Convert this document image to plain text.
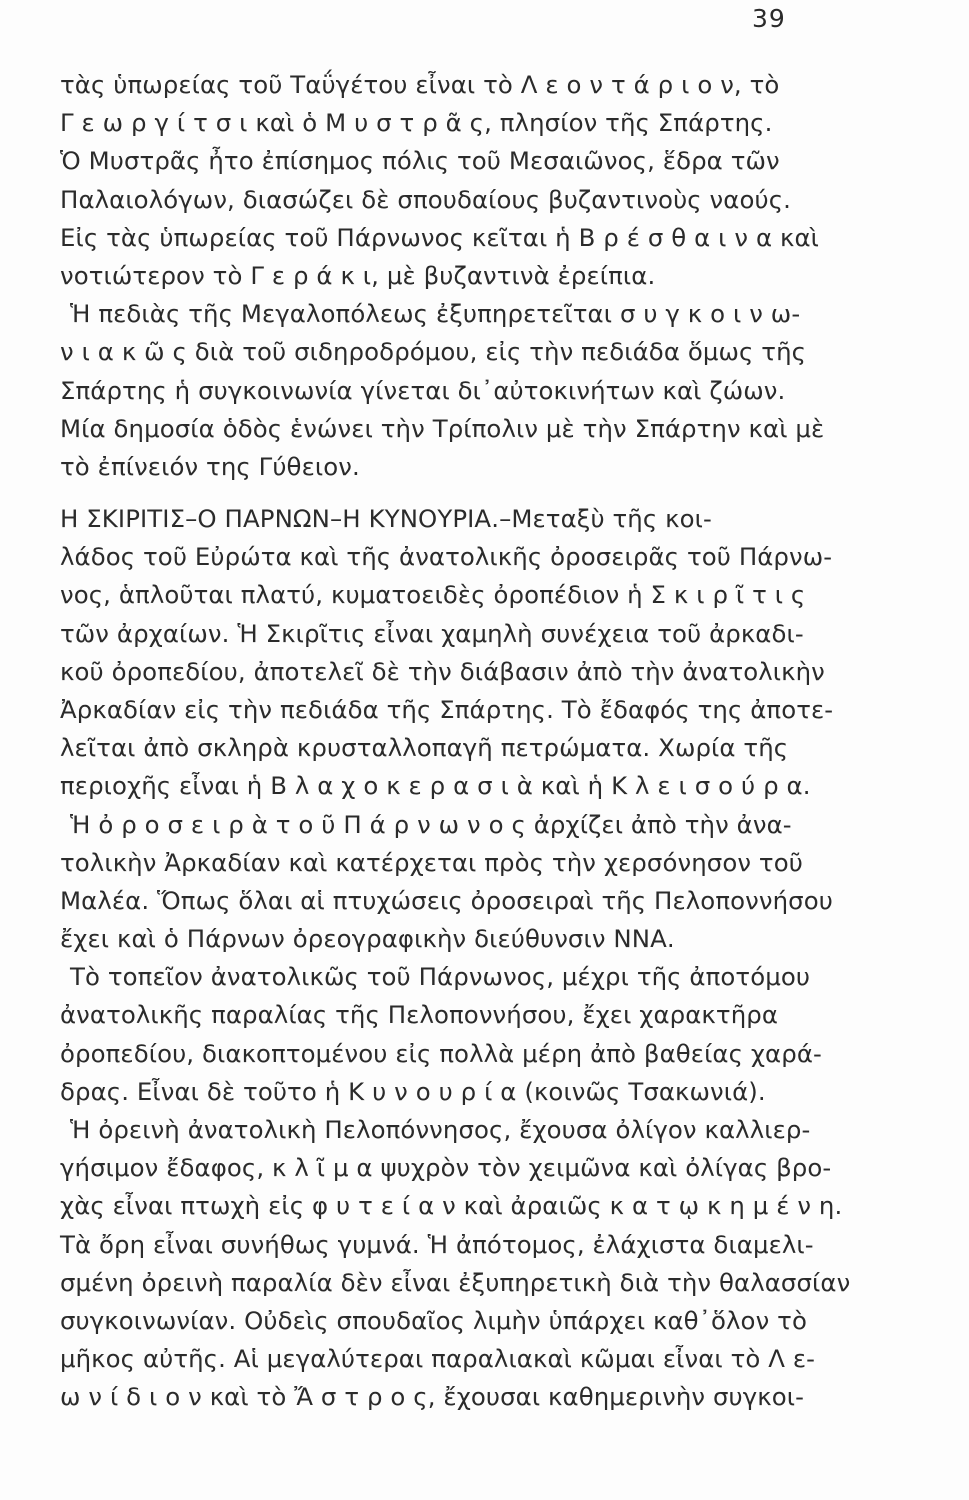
39
τὰς ὑπωρείας τοῦ Ταΰγέτου εἶναι τὸ Λ ε ο ν τ ά ρ ι ο ν, τὸ
Γ ε ω ρ γ ί τ σ ι καὶ ὁ Μ υ σ τ ρ ᾶ ς, πλησίον τῆς Σπάρτης.
Ὁ Μυστρᾶς ἦτο ἐπίσημος πόλις τοῦ Μεσαιῶνος, ἕδρα τῶν
Παλαιολόγων, διασώζει δὲ σπουδαίους βυζαντινοὺς ναούς.
Εἰς τὰς ὑπωρείας τοῦ Πάρνωνος κεῖται ἡ Β ρ έ σ θ α ι ν α καὶ
νοτιώτερον τὸ Γ ε ρ ά κ ι, μὲ βυζαντινὰ ἐρείπια.
Ἡ πεδιὰς τῆς Μεγαλοπόλεως ἐξυπηρετεῖται σ υ γ κ ο ι ν ω-
ν ι α κ ῶ ς διὰ τοῦ σιδηροδρόμου, εἰς τὴν πεδιάδα ὅμως τῆς
Σπάρτης ἡ συγκοινωνία γίνεται δι᾽αὐτοκινήτων καὶ ζώων.
Μία δημοσία ὁδὸς ἑνώνει τὴν Τρίπολιν μὲ τὴν Σπάρτην καὶ μὲ
τὸ ἐπίνειόν της Γύθειον.
Η ΣΚΙΡΙΤΙΣ–Ο ΠΑΡΝΩΝ–Η ΚΥΝΟΥΡΙΑ.–Μεταξὺ τῆς κοι-
λάδος τοῦ Εὐρώτα καὶ τῆς ἀνατολικῆς ὀροσειρᾶς τοῦ Πάρνω-
νος, ἁπλοῦται πλατύ, κυματοειδὲς ὀροπέδιον ἡ Σ κ ι ρ ῖ τ ι ς
τῶν ἀρχαίων. Ἡ Σκιρῖτις εἶναι χαμηλὴ συνέχεια τοῦ ἀρκαδι-
κοῦ ὀροπεδίου, ἀποτελεῖ δὲ τὴν διάβασιν ἀπὸ τὴν ἀνατολικὴν
Ἀρκαδίαν εἰς τὴν πεδιάδα τῆς Σπάρτης. Τὸ ἔδαφός της ἀποτε-
λεῖται ἀπὸ σκληρὰ κρυσταλλοπαγῆ πετρώματα. Χωρία τῆς
περιοχῆς εἶναι ἡ Β λ α χ ο κ ε ρ α σ ι ὰ καὶ ἡ Κ λ ε ι σ ο ύ ρ α.
Ἡ ὀ ρ ο σ ε ι ρ ὰ τ ο ῦ Π ά ρ ν ω ν ο ς ἀρχίζει ἀπὸ τὴν ἀνα-
τολικὴν Ἀρκαδίαν καὶ κατέρχεται πρὸς τὴν χερσόνησον τοῦ
Μαλέα. Ὅπως ὅλαι αἱ πτυχώσεις ὀροσειραὶ τῆς Πελοποννήσου
ἔχει καὶ ὁ Πάρνων ὀρεογραφικὴν διεύθυνσιν ΝΝΑ.
Τὸ τοπεῖον ἀνατολικῶς τοῦ Πάρνωνος, μέχρι τῆς ἀποτόμου
ἀνατολικῆς παραλίας τῆς Πελοποννήσου, ἔχει χαρακτῆρα
ὀροπεδίου, διακοπτομένου εἰς πολλὰ μέρη ἀπὸ βαθείας χαρά-
δρας. Εἶναι δὲ τοῦτο ἡ Κ υ ν ο υ ρ ί α (κοινῶς Τσακωνιά).
Ἡ ὀρεινὴ ἀνατολικὴ Πελοπόννησος, ἔχουσα ὀλίγον καλλιερ-
γήσιμον ἔδαφος, κ λ ῖ μ α ψυχρὸν τὸν χειμῶνα καὶ ὀλίγας βρο-
χὰς εἶναι πτωχὴ εἰς φ υ τ ε ί α ν καὶ ἀραιῶς κ α τ ῳ κ η μ έ ν η.
Τὰ ὄρη εἶναι συνήθως γυμνά. Ἡ ἀπότομος, ἐλάχιστα διαμελι-
σμένη ὀρεινὴ παραλία δὲν εἶναι ἐξυπηρετικὴ διὰ τὴν θαλασσίαν
συγκοινωνίαν. Οὐδεὶς σπουδαῖος λιμὴν ὑπάρχει καθ᾽ὅλον τὸ
μῆκος αὐτῆς. Αἱ μεγαλύτεραι παραλιακαὶ κῶμαι εἶναι τὸ Λ ε-
ω ν ί δ ι ο ν καὶ τὸ Ἄ σ τ ρ ο ς, ἔχουσαι καθημερινὴν συγκοι-
